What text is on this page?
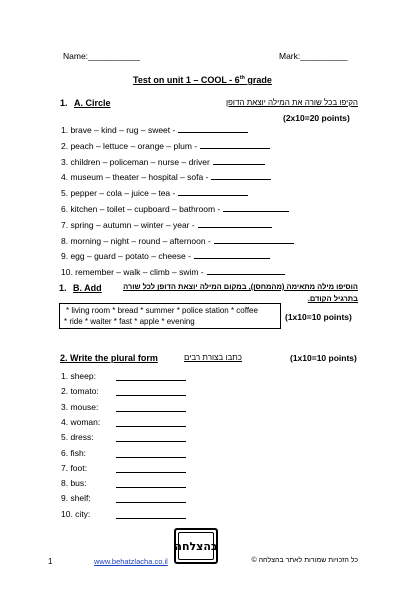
Name:___________	Mark:__________
Test on unit 1 – COOL - 6th grade
1. A. Circle	הקיפו בכל שורה את המילה יוצאת הדופן
(2x10=20 points)
1. brave – kind – rug – sweet -
2. peach – lettuce – orange – plum -
3. children – policeman – nurse – driver
4. museum – theater – hospital – sofa -
5. pepper – cola – juice – tea -
6. kitchen – toilet – cupboard – bathroom -
7. spring – autumn – winter – year -
8. morning – night – round – afternoon -
9. egg – guard – potato – cheese -
10. remember – walk – climb – swim -
1. B. Add	הוסיפו מילה מתאימה (מהמחסן), במקום המילה יוצאת הדופן לכל שורה
בתרגיל הקודם.
* living room * bread * summer * police station * coffee
* ride * waiter * fast * apple * evening	(1x10=10 points)
2. Write the plural form	כתבו בצורת רבים	(1x10=10 points)
1. sheep:
2. tomato:
3. mouse:
4. woman:
5. dress:
6. fish:
7. foot:
8. bus:
9. shelf:
10. city:
בהצלחה
1	www.behatzlacha.co.il	כל הזכויות שמורות לאתר בהצלחה ©
